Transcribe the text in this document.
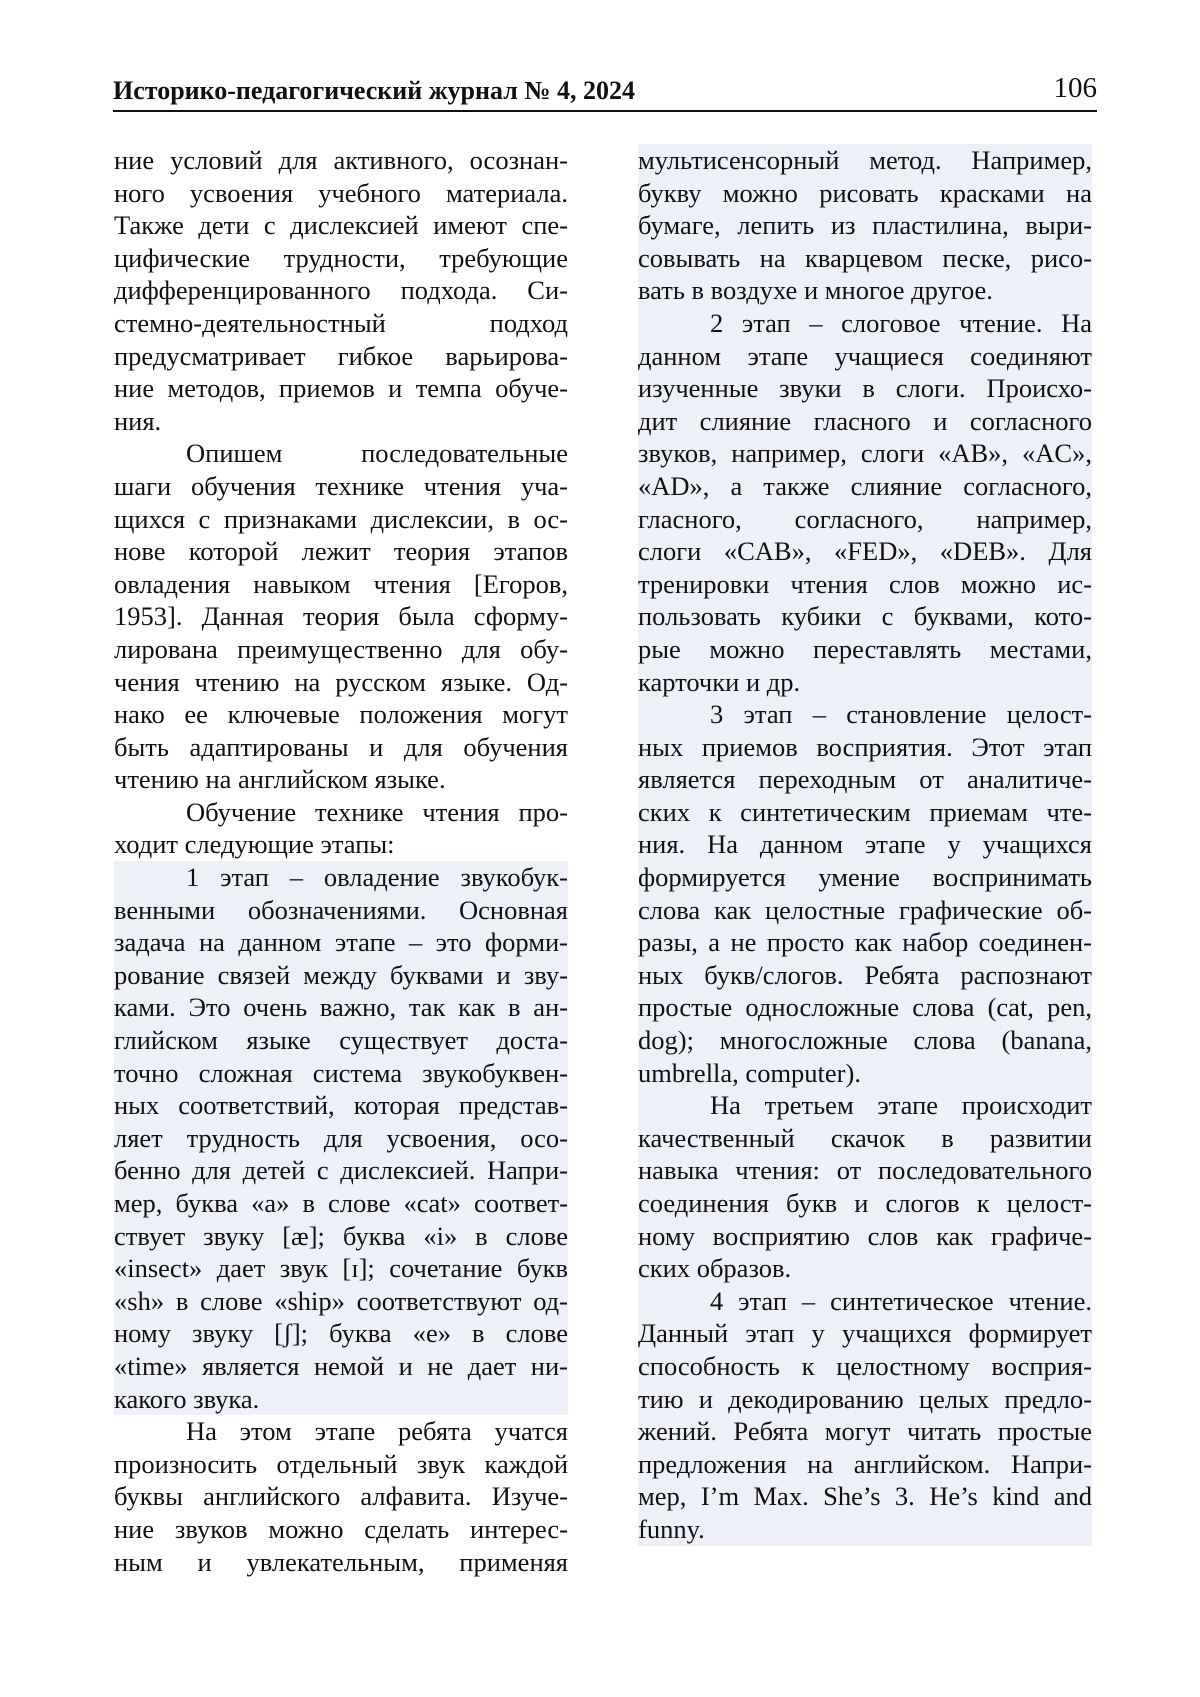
Историко-педагогический журнал № 4, 2024	106
ние условий для активного, осознан-
ного усвоения учебного материала.
Также дети с дислексией имеют спе-
цифические трудности, требующие
дифференцированного подхода. Си-
стемно-деятельностный подход
предусматривает гибкое варьирова-
ние методов, приемов и темпа обуче-
ния.
Опишем последовательные
шаги обучения технике чтения уча-
щихся с признаками дислексии, в ос-
нове которой лежит теория этапов
овладения навыком чтения [Егоров,
1953]. Данная теория была сформу-
лирована преимущественно для обу-
чения чтению на русском языке. Од-
нако ее ключевые положения могут
быть адаптированы и для обучения
чтению на английском языке.
Обучение технике чтения про-
ходит следующие этапы:
1 этап – овладение звукобук-
венными обозначениями. Основная
задача на данном этапе – это форми-
рование связей между буквами и зву-
ками. Это очень важно, так как в ан-
глийском языке существует доста-
точно сложная система звукобуквен-
ных соответствий, которая представ-
ляет трудность для усвоения, осо-
бенно для детей с дислексией. Напри-
мер, буква «a» в слове «cat» соответ-
ствует звуку [æ]; буква «i» в слове
«insect» дает звук [ɪ]; сочетание букв
«sh» в слове «ship» соответствуют од-
ному звуку [ʃ]; буква «e» в слове
«time» является немой и не дает ни-
какого звука.
На этом этапе ребята учатся
произносить отдельный звук каждой
буквы английского алфавита. Изуче-
ние звуков можно сделать интерес-
ным и увлекательным, применяя
мультисенсорный метод. Например,
букву можно рисовать красками на
бумаге, лепить из пластилина, выри-
совывать на кварцевом песке, рисо-
вать в воздухе и многое другое.
2 этап – слоговое чтение. На
данном этапе учащиеся соединяют
изученные звуки в слоги. Происхо-
дит слияние гласного и согласного
звуков, например, слоги «AB», «AC»,
«AD», а также слияние согласного,
гласного, согласного, например,
слоги «CAB», «FED», «DEB». Для
тренировки чтения слов можно ис-
пользовать кубики с буквами, кото-
рые можно переставлять местами,
карточки и др.
3 этап – становление целост-
ных приемов восприятия. Этот этап
является переходным от аналитиче-
ских к синтетическим приемам чте-
ния. На данном этапе у учащихся
формируется умение воспринимать
слова как целостные графические об-
разы, а не просто как набор соединен-
ных букв/слогов. Ребята распознают
простые односложные слова (cat, pen,
dog); многосложные слова (banana,
umbrella, computer).
На третьем этапе происходит
качественный скачок в развитии
навыка чтения: от последовательного
соединения букв и слогов к целост-
ному восприятию слов как графиче-
ских образов.
4 этап – синтетическое чтение.
Данный этап у учащихся формирует
способность к целостному восприя-
тию и декодированию целых предло-
жений. Ребята могут читать простые
предложения на английском. Напри-
мер, I’m Max. She’s 3. He’s kind and
funny.
